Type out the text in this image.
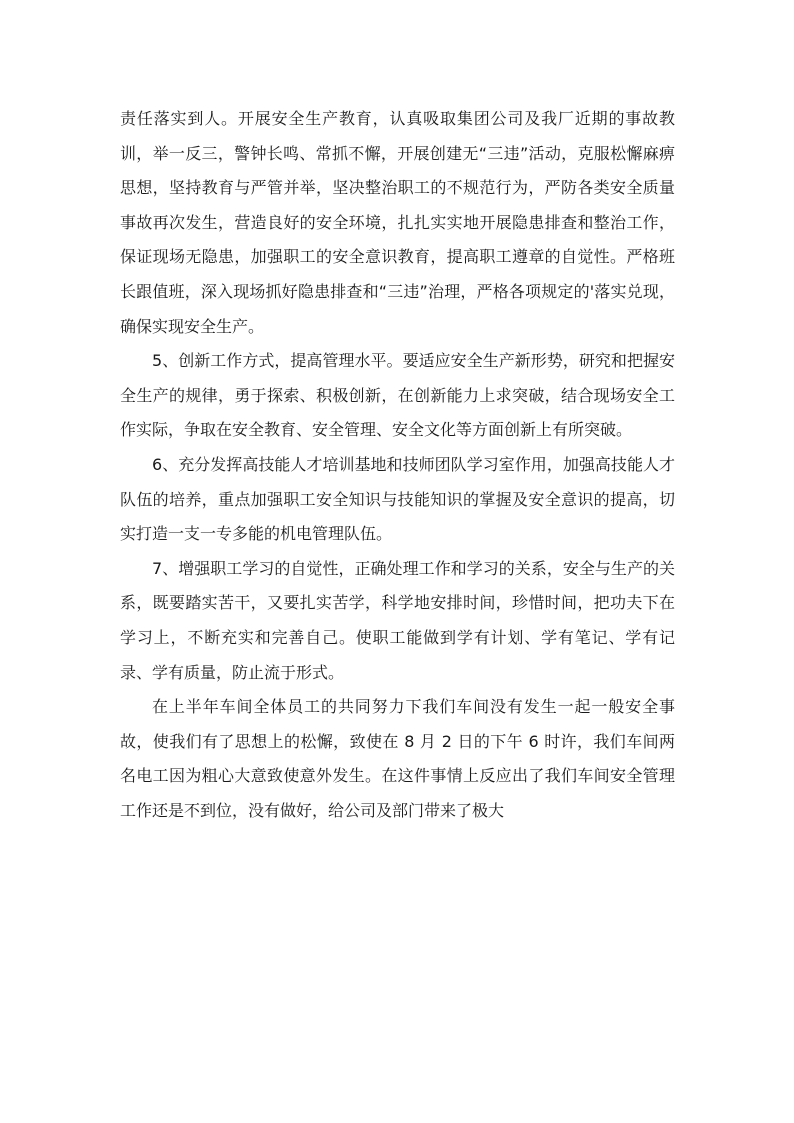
责任落实到人。开展安全生产教育，认真吸取集团公司及我厂近期的事故教训，举一反三，警钟长鸣、常抓不懈，开展创建无“三违”活动，克服松懈麻痹思想，坚持教育与严管并举，坚决整治职工的不规范行为，严防各类安全质量事故再次发生，营造良好的安全环境，扎扎实实地开展隐患排查和整治工作，保证现场无隐患，加强职工的安全意识教育，提高职工遵章的自觉性。严格班长跟值班，深入现场抓好隐患排查和“三违”治理，严格各项规定的'落实兑现，确保实现安全生产。

5、创新工作方式，提高管理水平。要适应安全生产新形势，研究和把握安全生产的规律，勇于探索、积极创新，在创新能力上求突破，结合现场安全工作实际，争取在安全教育、安全管理、安全文化等方面创新上有所突破。

6、充分发挥高技能人才培训基地和技师团队学习室作用，加强高技能人才队伍的培养，重点加强职工安全知识与技能知识的掌握及安全意识的提高，切实打造一支一专多能的机电管理队伍。

7、增强职工学习的自觉性，正确处理工作和学习的关系，安全与生产的关系，既要踏实苦干，又要扎实苦学，科学地安排时间，珍惜时间，把功夫下在学习上，不断充实和完善自己。使职工能做到学有计划、学有笔记、学有记录、学有质量，防止流于形式。

在上半年车间全体员工的共同努力下我们车间没有发生一起一般安全事故，使我们有了思想上的松懈，致使在 8 月 2 日的下午 6 时许，我们车间两名电工因为粗心大意致使意外发生。在这件事情上反应出了我们车间安全管理工作还是不到位，没有做好，给公司及部门带来了极大
